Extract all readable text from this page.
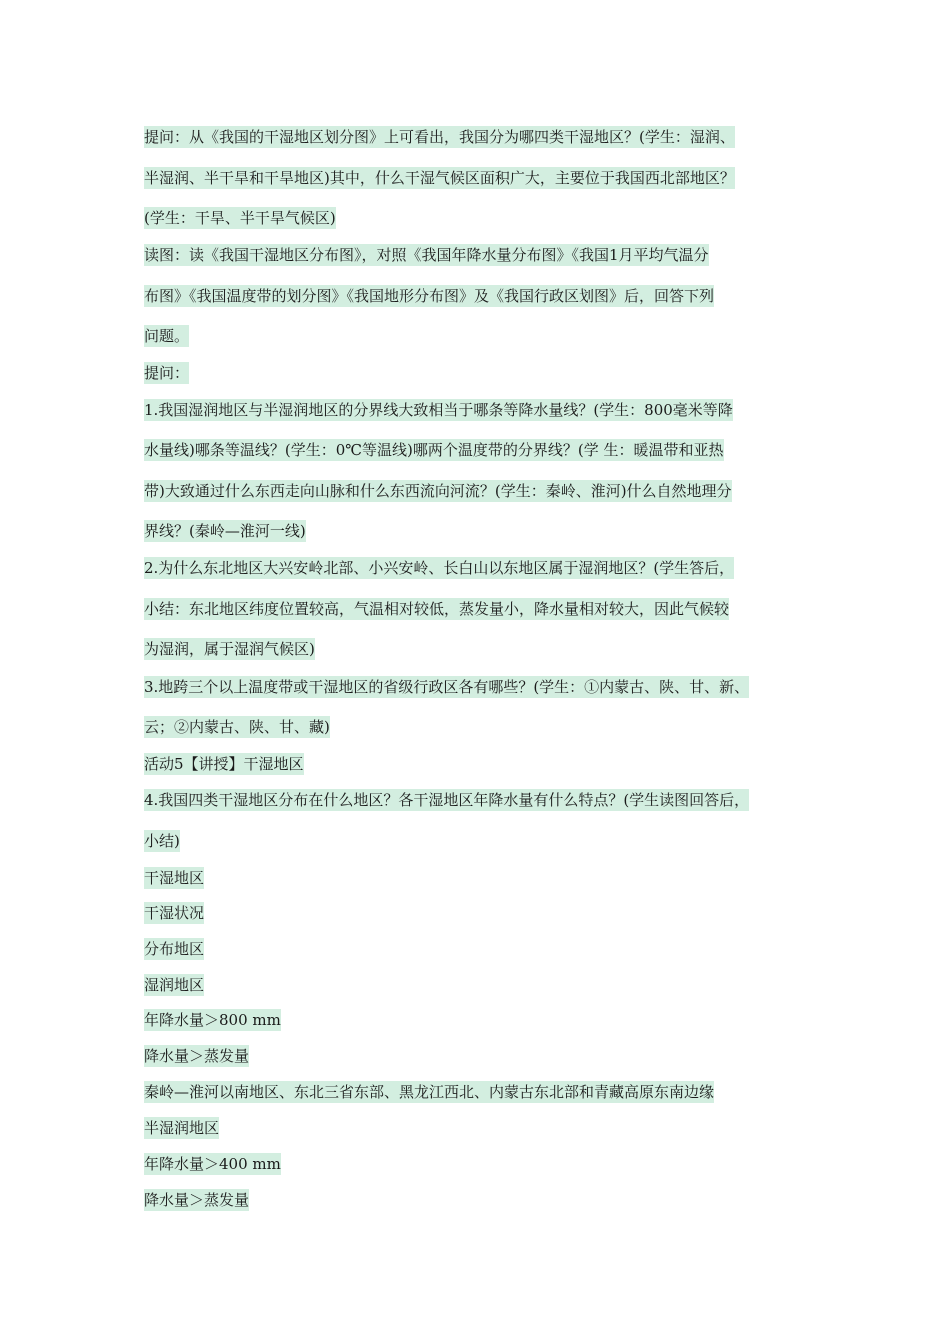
提问：从《我国的干湿地区划分图》上可看出，我国分为哪四类干湿地区？(学生：湿润、
半湿润、半干旱和干旱地区)其中，什么干湿气候区面积广大，主要位于我国西北部地区？
(学生：干旱、半干旱气候区)
读图：读《我国干湿地区分布图》，对照《我国年降水量分布图》《我国1月平均气温分
布图》《我国温度带的划分图》《我国地形分布图》及《我国行政区划图》后，回答下列
问题。
提问：
1.我国湿润地区与半湿润地区的分界线大致相当于哪条等降水量线？(学生：800毫米等降
水量线)哪条等温线？(学生：0℃等温线)哪两个温度带的分界线？(学 生：暖温带和亚热
带)大致通过什么东西走向山脉和什么东西流向河流？(学生：秦岭、淮河)什么自然地理分
界线？(秦岭—淮河一线)
2.为什么东北地区大兴安岭北部、小兴安岭、长白山以东地区属于湿润地区？(学生答后，
小结：东北地区纬度位置较高，气温相对较低，蒸发量小，降水量相对较大，因此气候较
为湿润，属于湿润气候区)
3.地跨三个以上温度带或干湿地区的省级行政区各有哪些？(学生：①内蒙古、陕、甘、新、
云；②内蒙古、陕、甘、藏)
活动5【讲授】干湿地区
4.我国四类干湿地区分布在什么地区？各干湿地区年降水量有什么特点？(学生读图回答后，
小结)
干湿地区
干湿状况
分布地区
湿润地区
年降水量＞800 mm
降水量＞蒸发量
秦岭—淮河以南地区、东北三省东部、黑龙江西北、内蒙古东北部和青藏高原东南边缘
半湿润地区
年降水量＞400 mm
降水量＞蒸发量
